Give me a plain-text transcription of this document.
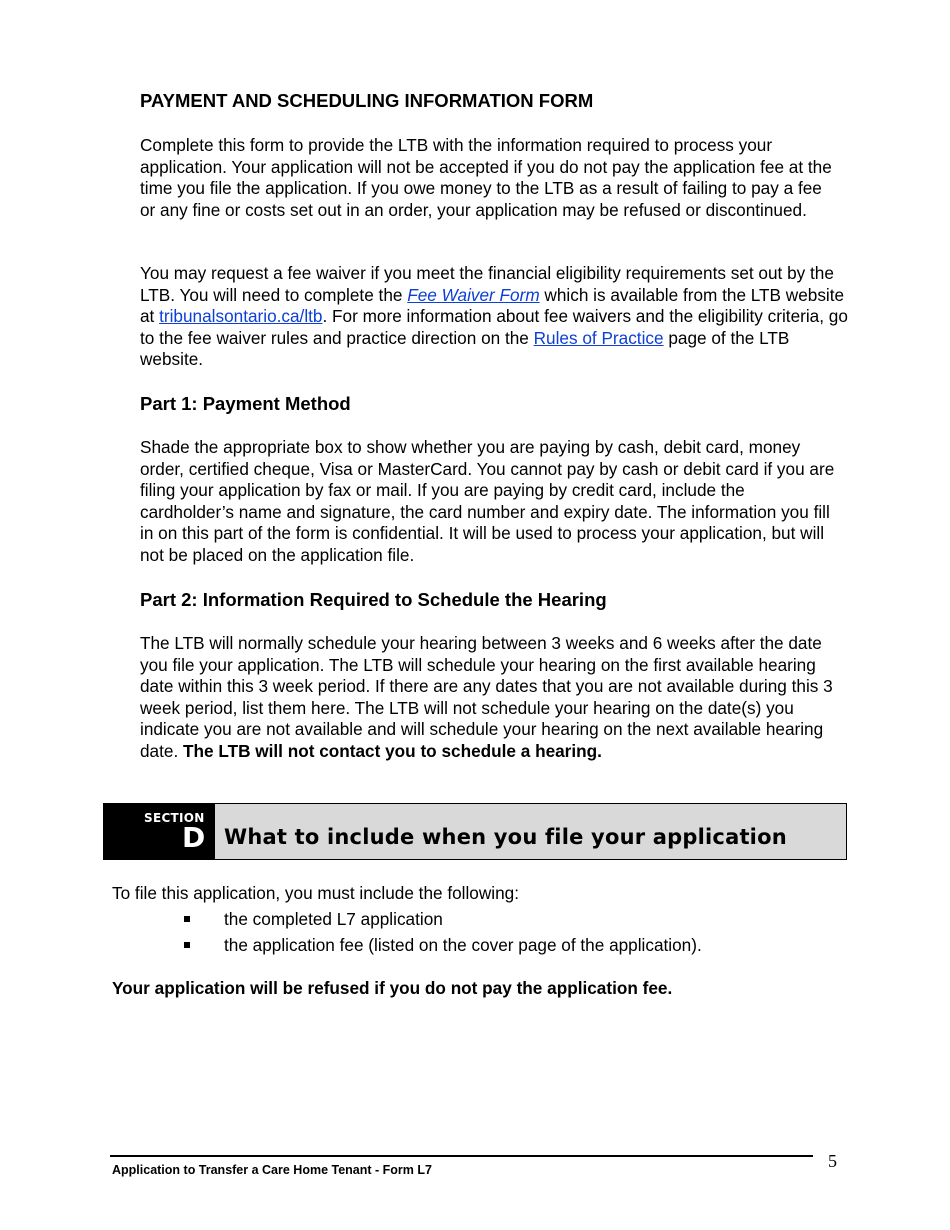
PAYMENT AND SCHEDULING INFORMATION FORM

Complete this form to provide the LTB with the information required to process your application. Your application will not be accepted if you do not pay the application fee at the time you file the application. If you owe money to the LTB as a result of failing to pay a fee or any fine or costs set out in an order, your application may be refused or discontinued.

You may request a fee waiver if you meet the financial eligibility requirements set out by the LTB. You will need to complete the Fee Waiver Form which is available from the LTB website at tribunalsontario.ca/ltb. For more information about fee waivers and the eligibility criteria, go to the fee waiver rules and practice direction on the Rules of Practice page of the LTB website.

Part 1: Payment Method

Shade the appropriate box to show whether you are paying by cash, debit card, money order, certified cheque, Visa or MasterCard. You cannot pay by cash or debit card if you are filing your application by fax or mail. If you are paying by credit card, include the cardholder’s name and signature, the card number and expiry date. The information you fill in on this part of the form is confidential. It will be used to process your application, but will not be placed on the application file.

Part 2: Information Required to Schedule the Hearing

The LTB will normally schedule your hearing between 3 weeks and 6 weeks after the date you file your application. The LTB will schedule your hearing on the first available hearing date within this 3 week period. If there are any dates that you are not available during this 3 week period, list them here. The LTB will not schedule your hearing on the date(s) you indicate you are not available and will schedule your hearing on the next available hearing date. The LTB will not contact you to schedule a hearing.

SECTION
D What to include when you file your application

To file this application, you must include the following:

the completed L7 application
the application fee (listed on the cover page of the application).

Your application will be refused if you do not pay the application fee.

Application to Transfer a Care Home Tenant - Form L7	5
